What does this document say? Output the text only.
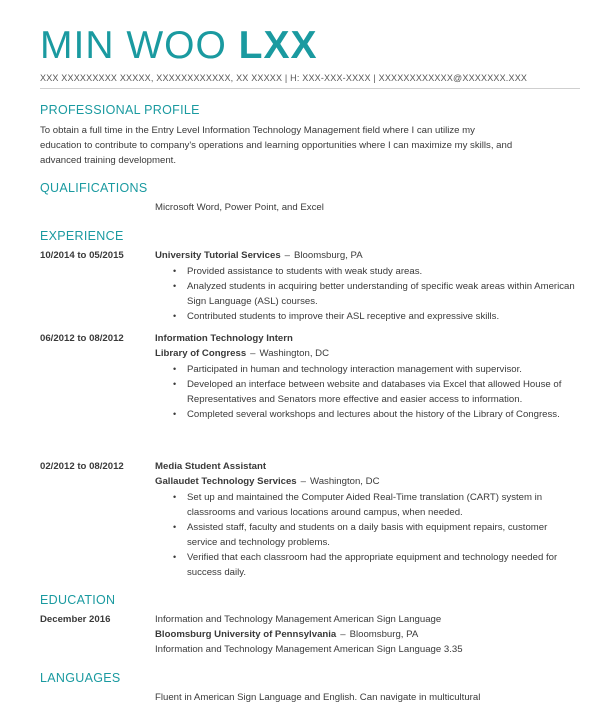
MIN WOO LXX
XXX XXXXXXXXX XXXXX, XXXXXXXXXXXX, XX XXXXX | H: XXX-XXX-XXXX | XXXXXXXXXXXX@XXXXXXX.XXX
PROFESSIONAL PROFILE
To obtain a full time in the Entry Level Information Technology Management field where I can utilize my
education to contribute to company's operations and learning opportunities where I can maximize my skills, and
advanced training development.
QUALIFICATIONS
Microsoft Word, Power Point, and Excel
EXPERIENCE
10/2014 to 05/2015	University Tutorial Services – Bloomsburg, PA
• Provided assistance to students with weak study areas.
• Analyzed students in acquiring better understanding of specific weak areas within American Sign Language (ASL) courses.
• Contributed students to improve their ASL receptive and expressive skills.
06/2012 to 08/2012	Information Technology Intern
Library of Congress – Washington, DC
• Participated in human and technology interaction management with supervisor.
• Developed an interface between website and databases via Excel that allowed House of Representatives and Senators more effective and easier access to information.
• Completed several workshops and lectures about the history of the Library of Congress.
02/2012 to 08/2012	Media Student Assistant
Gallaudet Technology Services – Washington, DC
• Set up and maintained the Computer Aided Real-Time translation (CART) system in classrooms and various locations around campus, when needed.
• Assisted staff, faculty and students on a daily basis with equipment repairs, customer service and technology problems.
• Verified that each classroom had the appropriate equipment and technology needed for success daily.
EDUCATION
December 2016	Information and Technology Management American Sign Language
Bloomsburg University of Pennsylvania – Bloomsburg, PA
Information and Technology Management American Sign Language 3.35
LANGUAGES
Fluent in American Sign Language and English. Can navigate in multicultural
